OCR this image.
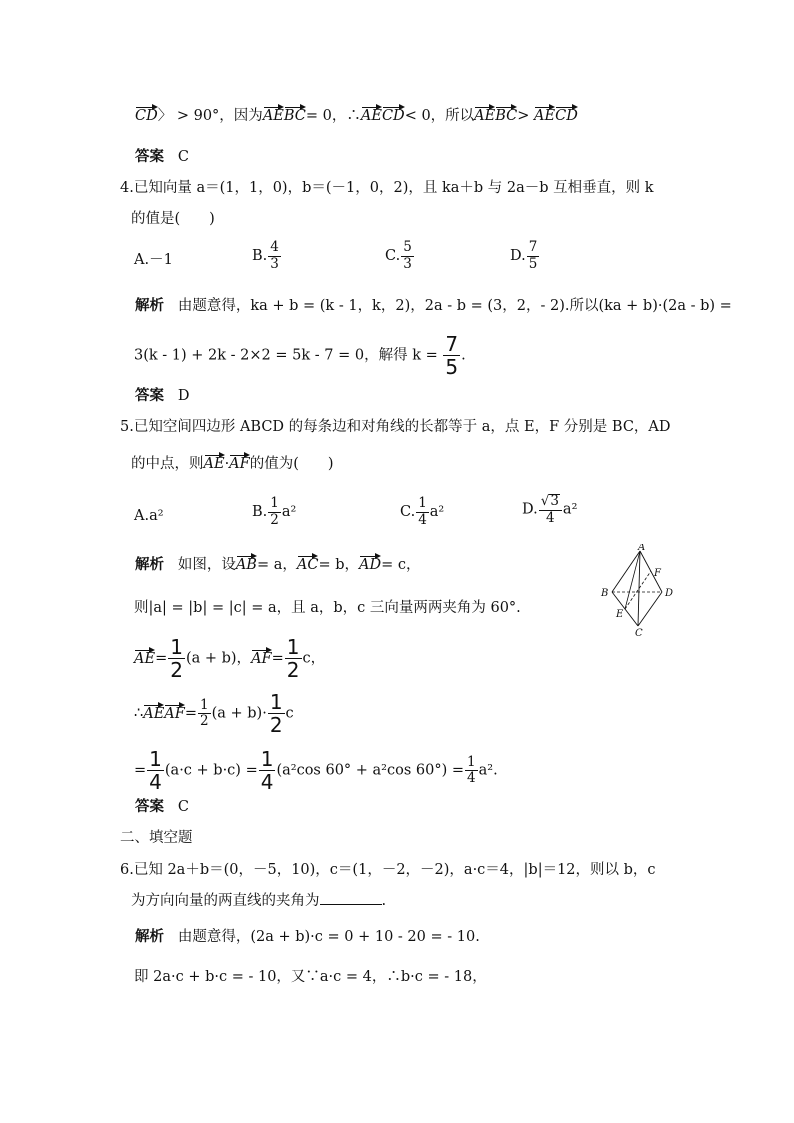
CD〉 > 90°，因为AEBC= 0，∴AECD< 0，所以AEBC> AECD
答案 C
4.已知向量 a＝(1，1，0)，b＝(－1，0，2)，且 ka＋b 与 2a－b 互相垂直，则 k
的值是(　　)
A.－1	B. $\frac{4}{3}$	C. $\frac{5}{3}$	D. $\frac{7}{5}$
解析 由题意得，ka + b = (k - 1，k，2)，2a - b = (3，2，- 2).所以(ka + b)·(2a - b) =
3(k - 1) + 2k - 2×2 = 5k - 7 = 0，解得 $k = \frac{7}{5}$ .
答案 D
5.已知空间四边形 ABCD 的每条边和对角线的长都等于 a，点 E，F 分别是 BC，AD
的中点，则AE·AF的值为(　　)
A.a²	B. $\frac{1}{2} a^2$	C. $\frac{1}{4} a^2$	D. $\frac{√3}{4} a^2$
解析 如图，设AB= a，AC= b，AD= c，
则|a| = |b| = |c| = a，且 a，b，c 三向量两两夹角为 60°.
$AE= \frac{1}{2} (a + b)$，$AF= \frac{1}{2}$ c，
∴AEAF= $\frac{1}{2} (a + b)\cdot \frac{1}{2}$ c
= $\frac{1}{4} (a\cdot c + b\cdot c) = \frac{1}{4} (a^2\cos$ 60° + a²cos $60^\circ) = \frac{1}{4} a^2$.
A
B
C
D
E
F
答案 C
二、填空题
6.已知 2a＋b＝(0，－5，10)，c＝(1，－2，－2)，a·c＝4，|b|＝12，则以 b，c
为方向向量的两直线的夹角为	.
解析 由题意得，(2a + b)·c = 0 + 10 - 20 = - 10.
即 2a·c + b·c = - 10，又∵a·c = 4，∴b·c = - 18，
